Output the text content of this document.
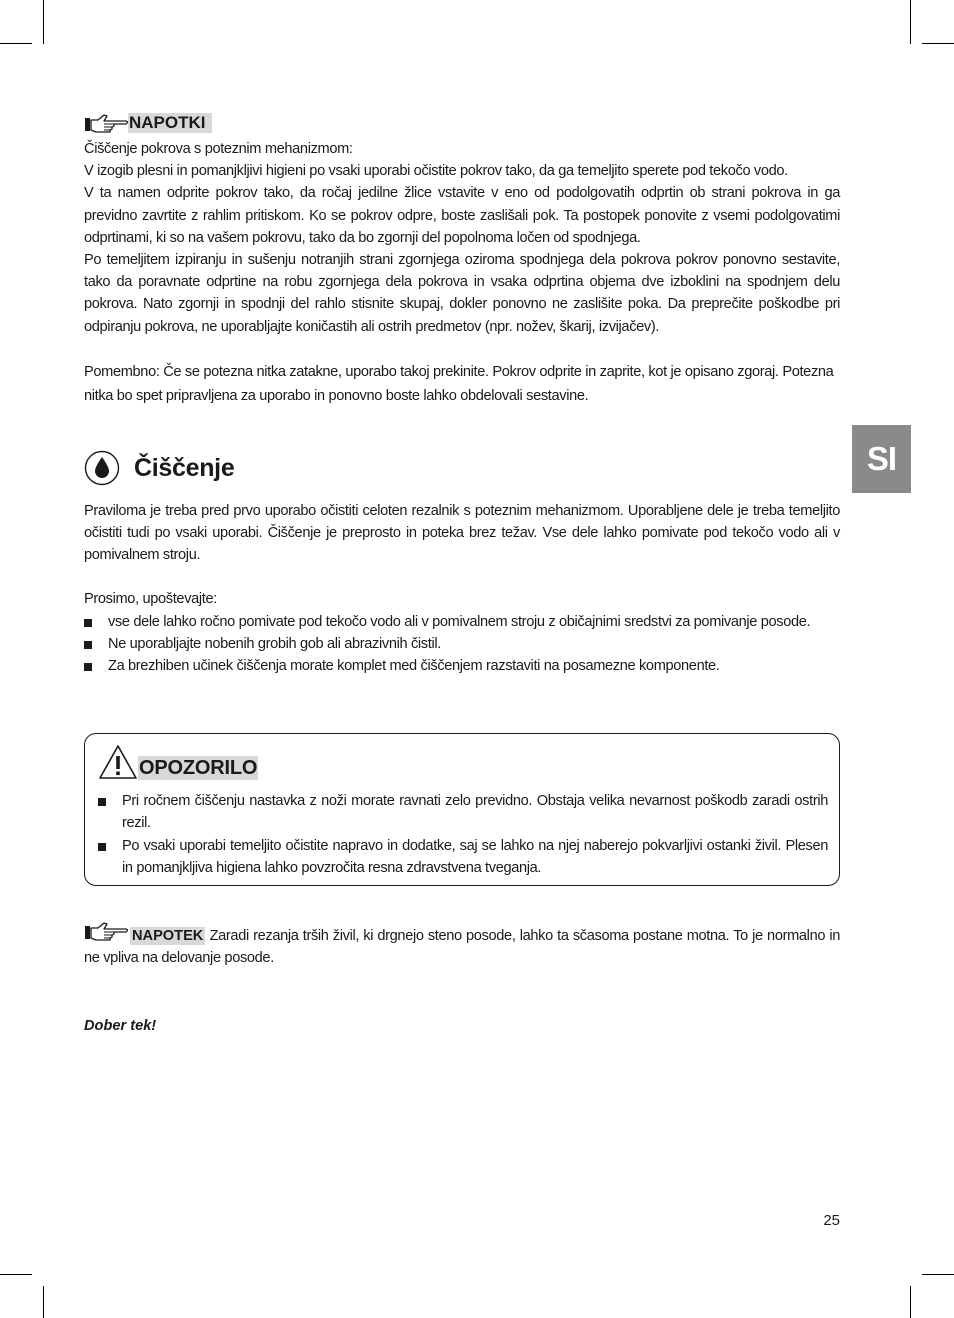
SI
NAPOTKI

Čiščenje pokrova s poteznim mehanizmom:

V izogib plesni in pomanjkljivi higieni po vsaki uporabi očistite pokrov tako, da ga temeljito sperete pod tekočo vodo.

V ta namen odprite pokrov tako, da ročaj jedilne žlice vstavite v eno od podolgovatih odprtin ob strani pokrova in ga previdno zavrtite z rahlim pritiskom. Ko se pokrov odpre, boste zaslišali pok. Ta postopek ponovite z vsemi podolgovatimi odprtinami, ki so na vašem pokrovu, tako da bo zgornji del popolnoma ločen od spodnjega.

Po temeljitem izpiranju in sušenju notranjih strani zgornjega oziroma spodnjega dela pokrova pokrov ponovno sestavite, tako da poravnate odprtine na robu zgornjega dela pokrova in vsaka odprtina objema dve izboklini na spodnjem delu pokrova. Nato zgornji in spodnji del rahlo stisnite skupaj, dokler ponovno ne zaslišite poka. Da preprečite poškodbe pri odpiranju pokrova, ne uporabljajte koničastih ali ostrih predmetov (npr. nožev, škarij, izvijačev).

Pomembno: Če se potezna nitka zatakne, uporabo takoj prekinite. Pokrov odprite in zaprite, kot je opisano zgoraj. Potezna nitka bo spet pripravljena za uporabo in ponovno boste lahko obdelovali sestavine.

Čiščenje

Praviloma je treba pred prvo uporabo očistiti celoten rezalnik s poteznim mehanizmom. Uporabljene dele je treba temeljito očistiti tudi po vsaki uporabi. Čiščenje je preprosto in poteka brez težav. Vse dele lahko pomivate pod tekočo vodo ali v pomivalnem stroju.

Prosimo, upoštevajte:

vse dele lahko ročno pomivate pod tekočo vodo ali v pomivalnem stroju z običajnimi sredstvi za pomivanje posode.
Ne uporabljajte nobenih grobih gob ali abrazivnih čistil.
Za brezhiben učinek čiščenja morate komplet med čiščenjem razstaviti na posamezne komponente.
OPOZORILO
Pri ročnem čiščenju nastavka z noži morate ravnati zelo previdno. Obstaja velika nevarnost poškodb zaradi ostrih rezil.
Po vsaki uporabi temeljito očistite napravo in dodatke, saj se lahko na njej naberejo pokvarljivi ostanki živil. Plesen in pomanjkljiva higiena lahko povzročita resna zdravstvena tveganja.

NAPOTEK Zaradi rezanja trših živil, ki drgnejo steno posode, lahko ta sčasoma postane motna. To je normalno in ne vpliva na delovanje posode.

Dober tek!

25
